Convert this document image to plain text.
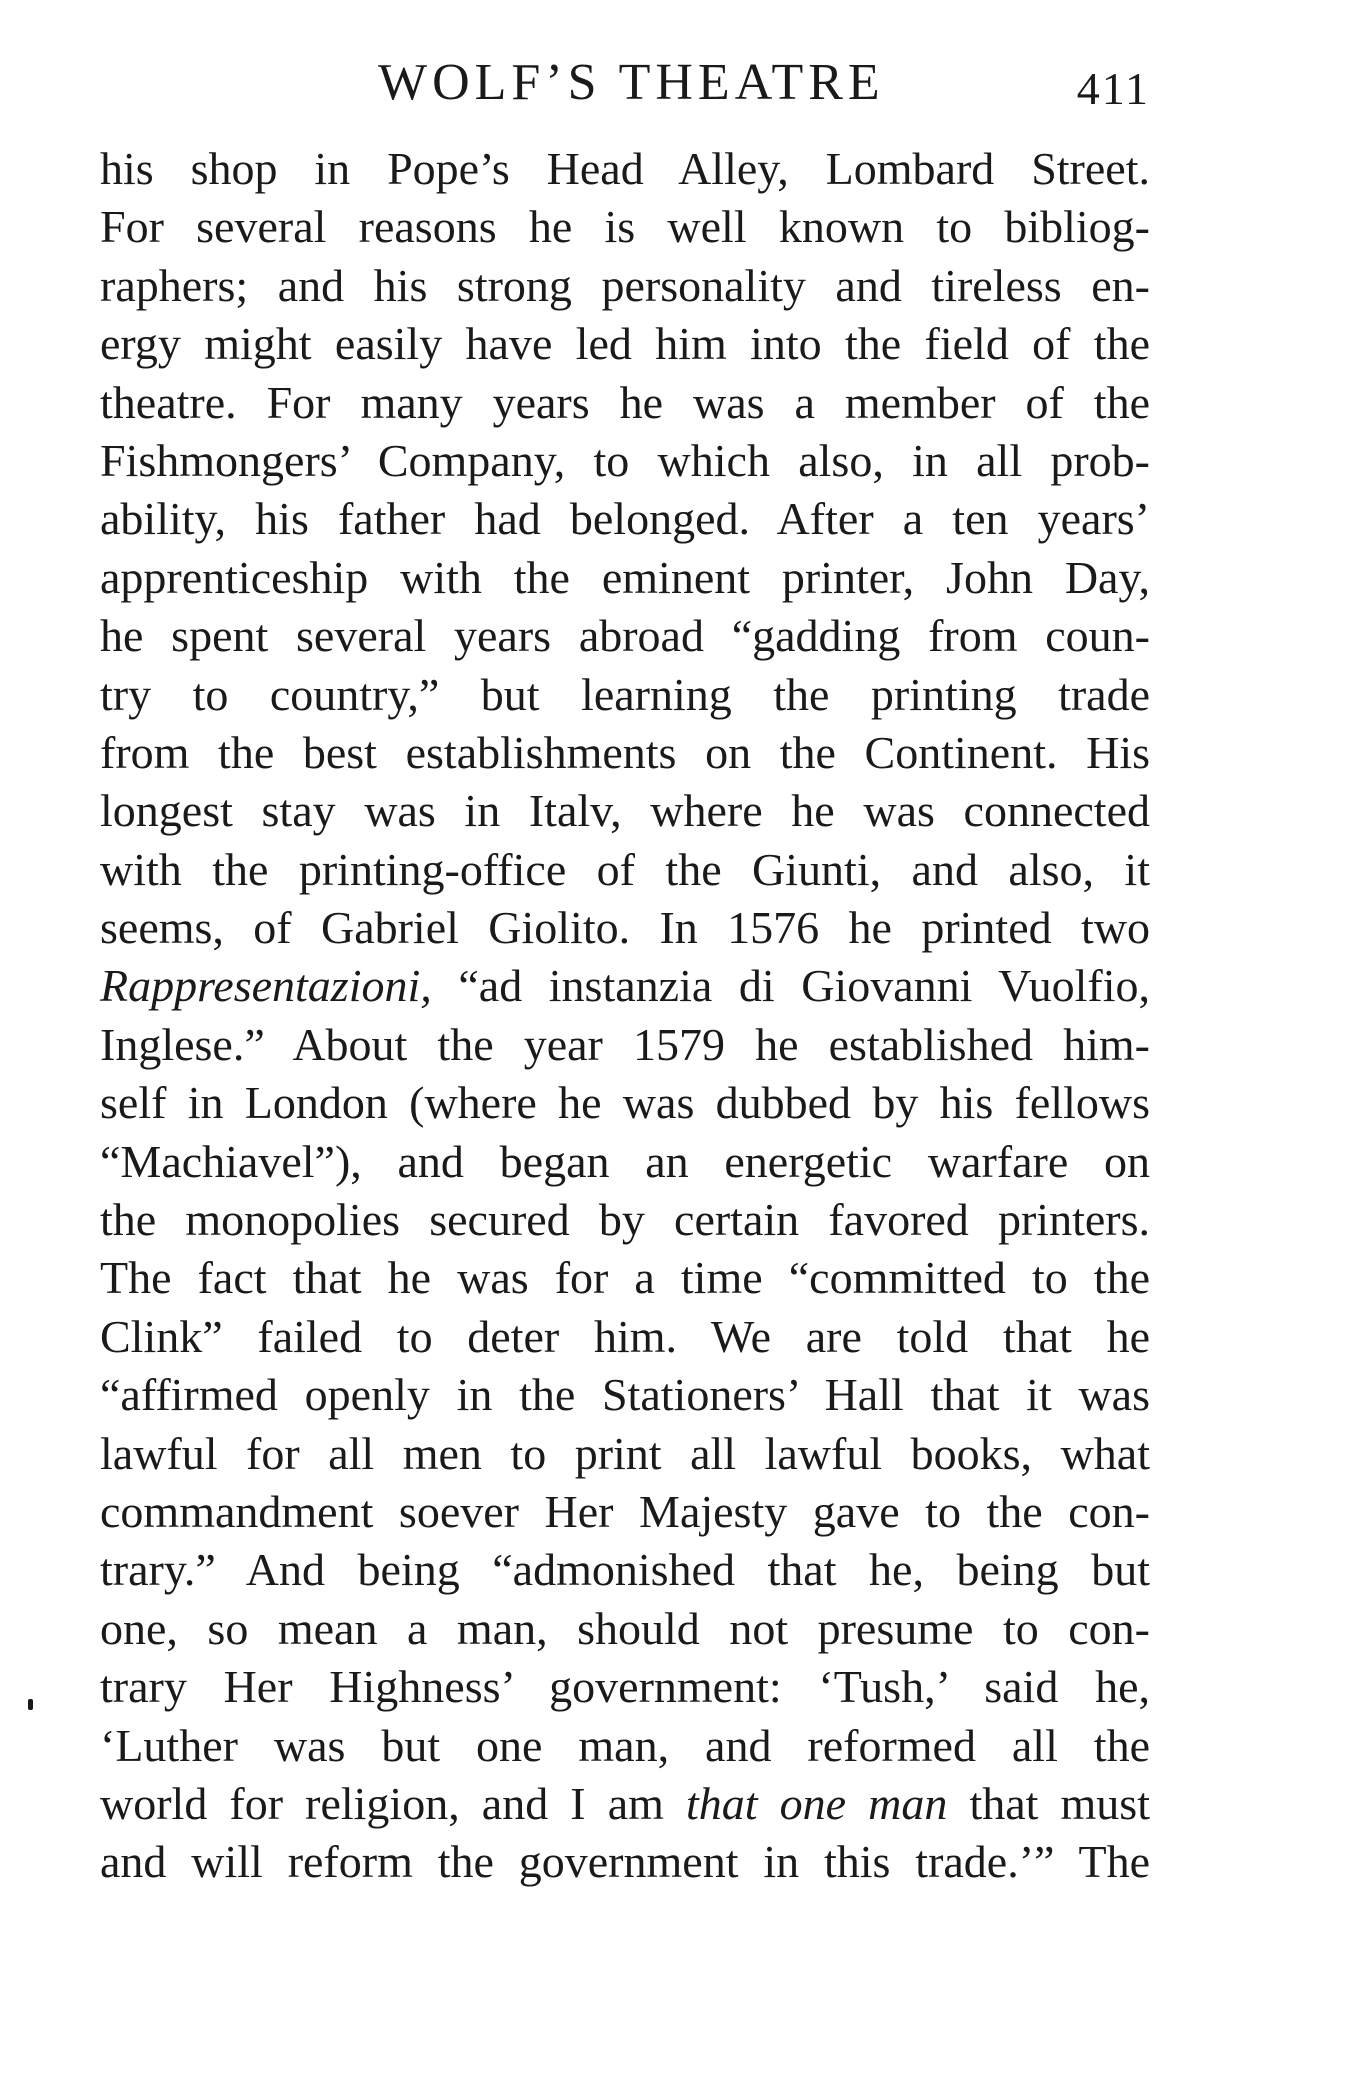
WOLF’S THEATRE	411
his shop in Pope’s Head Alley, Lombard Street.
For several reasons he is well known to bibliog-
raphers; and his strong personality and tireless en-
ergy might easily have led him into the field of the
theatre. For many years he was a member of the
Fishmongers’ Company, to which also, in all prob-
ability, his father had belonged. After a ten years’
apprenticeship with the eminent printer, John Day,
he spent several years abroad “gadding from coun-
try to country,” but learning the printing trade
from the best establishments on the Continent. His
longest stay was in Italv, where he was connected
with the printing-office of the Giunti, and also, it
seems, of Gabriel Giolito. In 1576 he printed two
Rappresentazioni, “ad instanzia di Giovanni Vuolfio,
Inglese.” About the year 1579 he established him-
self in London (where he was dubbed by his fellows
“Machiavel”), and began an energetic warfare on
the monopolies secured by certain favored printers.
The fact that he was for a time “committed to the
Clink” failed to deter him. We are told that he
“affirmed openly in the Stationers’ Hall that it was
lawful for all men to print all lawful books, what
commandment soever Her Majesty gave to the con-
trary.” And being “admonished that he, being but
one, so mean a man, should not presume to con-
trary Her Highness’ government: ‘Tush,’ said he,
‘Luther was but one man, and reformed all the
world for religion, and I am that one man that must
and will reform the government in this trade.’” The
